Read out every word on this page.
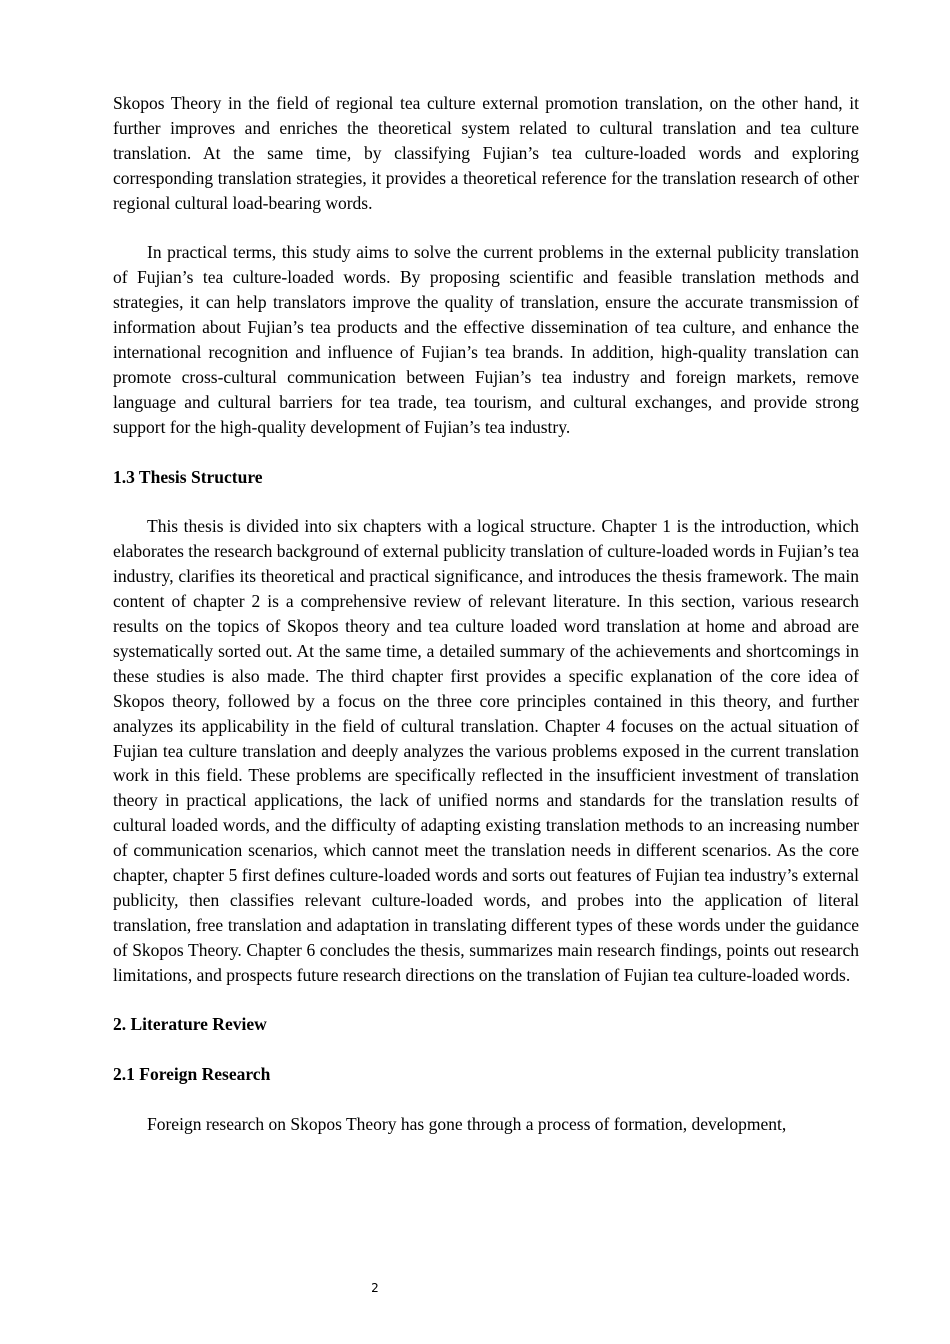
Skopos Theory in the field of regional tea culture external promotion translation, on the other hand, it further improves and enriches the theoretical system related to cultural translation and tea culture translation. At the same time, by classifying Fujian’s tea culture-loaded words and exploring corresponding translation strategies, it provides a theoretical reference for the translation research of other regional cultural load-bearing words.

In practical terms, this study aims to solve the current problems in the external publicity translation of Fujian’s tea culture-loaded words. By proposing scientific and feasible translation methods and strategies, it can help translators improve the quality of translation, ensure the accurate transmission of information about Fujian’s tea products and the effective dissemination of tea culture, and enhance the international recognition and influence of Fujian’s tea brands. In addition, high-quality translation can promote cross-cultural communication between Fujian’s tea industry and foreign markets, remove language and cultural barriers for tea trade, tea tourism, and cultural exchanges, and provide strong support for the high-quality development of Fujian’s tea industry.

1.3 Thesis Structure

This thesis is divided into six chapters with a logical structure. Chapter 1 is the introduction, which elaborates the research background of external publicity translation of culture-loaded words in Fujian’s tea industry, clarifies its theoretical and practical significance, and introduces the thesis framework. The main content of chapter 2 is a comprehensive review of relevant literature. In this section, various research results on the topics of Skopos theory and tea culture loaded word translation at home and abroad are systematically sorted out. At the same time, a detailed summary of the achievements and shortcomings in these studies is also made. The third chapter first provides a specific explanation of the core idea of Skopos theory, followed by a focus on the three core principles contained in this theory, and further analyzes its applicability in the field of cultural translation. Chapter 4 focuses on the actual situation of Fujian tea culture translation and deeply analyzes the various problems exposed in the current translation work in this field. These problems are specifically reflected in the insufficient investment of translation theory in practical applications, the lack of unified norms and standards for the translation results of cultural loaded words, and the difficulty of adapting existing translation methods to an increasing number of communication scenarios, which cannot meet the translation needs in different scenarios. As the core chapter, chapter 5 first defines culture-loaded words and sorts out features of Fujian tea industry’s external publicity, then classifies relevant culture-loaded words, and probes into the application of literal translation, free translation and adaptation in translating different types of these words under the guidance of Skopos Theory. Chapter 6 concludes the thesis, summarizes main research findings, points out research limitations, and prospects future research directions on the translation of Fujian tea culture-loaded words.

2. Literature Review
2.1 Foreign Research

Foreign research on Skopos Theory has gone through a process of formation, development,

2
